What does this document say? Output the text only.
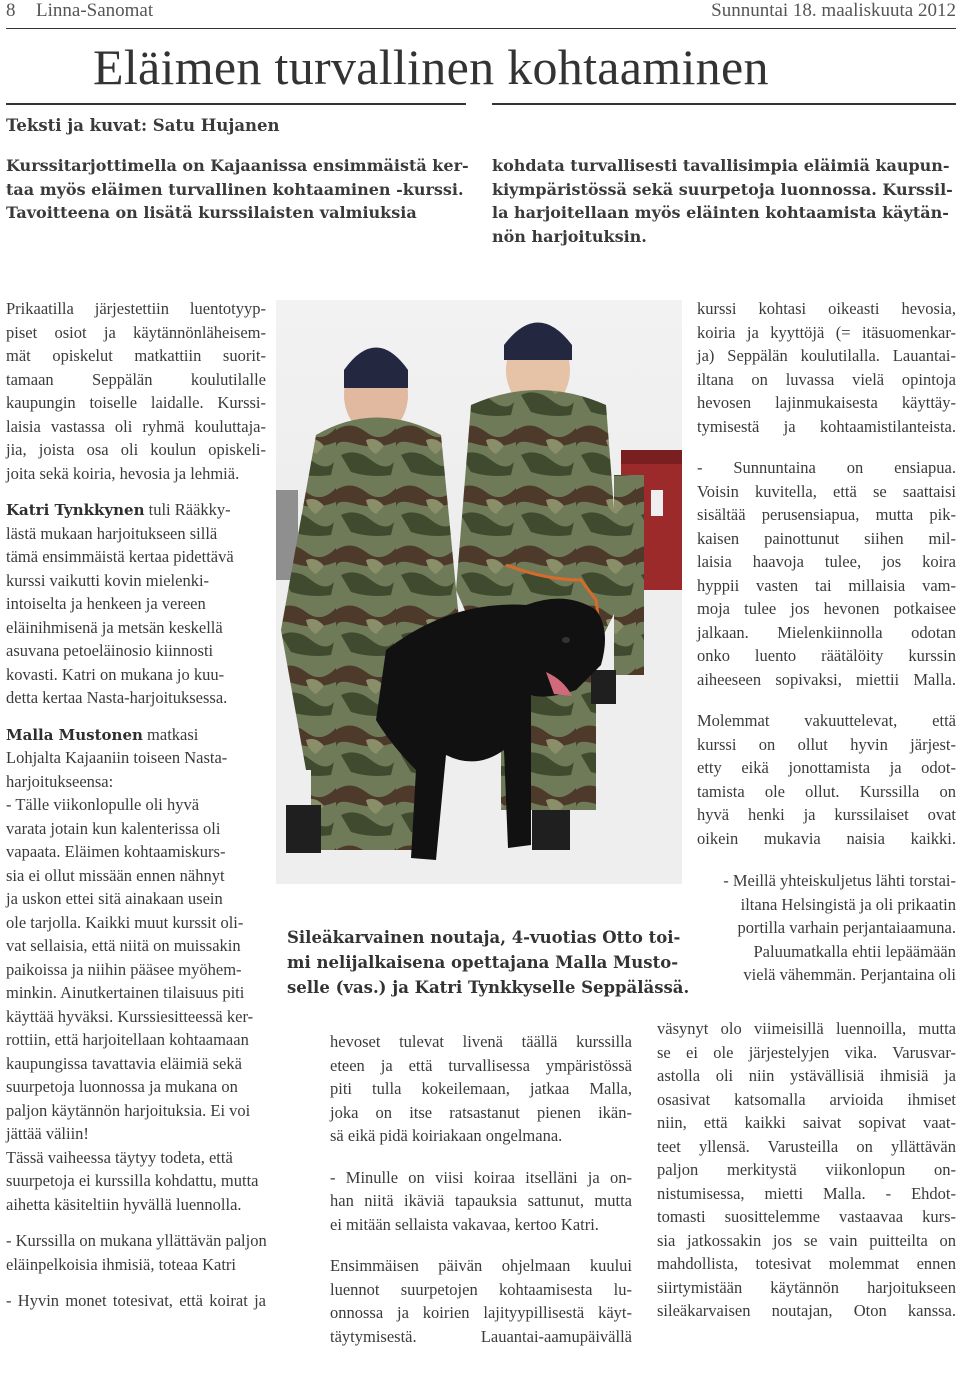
8 Linna-Sanomat	Sunnuntai 18. maaliskuuta 2012
Eläimen turvallinen kohtaaminen
Teksti ja kuvat: Satu Hujanen
Kurssitarjottimella on Kajaanissa ensimmäistä ker-
taa myös eläimen turvallinen kohtaaminen -kurssi.
Tavoitteena on lisätä kurssilaisten valmiuksia
kohdata turvallisesti tavallisimpia eläimiä kaupun-
kiympäristössä sekä suurpetoja luonnossa. Kurssil-
la harjoitellaan myös eläinten kohtaamista käytän-
nön harjoituksin.
Prikaatilla järjestettiin luentotyyp-
piset osiot ja käytännönläheisem-
mät opiskelut matkattiin suorit-
tamaan Seppälän koulutilalle
kaupungin toiselle laidalle. Kurssi-
laisia vastassa oli ryhmä kouluttaja-
jia, joista osa oli koulun opiskeli-
joita sekä koiria, hevosia ja lehmiä.
Katri Tynkkynen tuli Rääkky-
lästä mukaan harjoitukseen sillä
tämä ensimmäistä kertaa pidettävä
kurssi vaikutti kovin mielenki-
intoiselta ja henkeen ja vereen
eläinihmisenä ja metsän keskellä
asuvana petoeläinosio kiinnosti
kovasti. Katri on mukana jo kuu-
detta kertaa Nasta-harjoituksessa.
Malla Mustonen matkasi
Lohjalta Kajaaniin toiseen Nasta-
harjoitukseensa:
- Tälle viikonlopulle oli hyvä
varata jotain kun kalenterissa oli
vapaata. Eläimen kohtaamiskurs-
sia ei ollut missään ennen nähnyt
ja uskon ettei sitä ainakaan usein
ole tarjolla. Kaikki muut kurssit oli-
vat sellaisia, että niitä on muissakin
paikoissa ja niihin pääsee myöhem-
minkin. Ainutkertainen tilaisuus piti
käyttää hyväksi. Kurssiesitteessä ker-
rottiin, että harjoitellaan kohtaamaan
kaupungissa tavattavia eläimiä sekä
suurpetoja luonnossa ja mukana on
paljon käytännön harjoituksia. Ei voi
jättää väliin!
Tässä vaiheessa täytyy todeta, että
suurpetoja ei kurssilla kohdattu, mutta
aihetta käsiteltiin hyvällä luennolla.
- Kurssilla on mukana yllättävän paljon
eläinpelkoisia ihmisiä, toteaa Katri
- Hyvin monet totesivat, että koirat ja
Sileäkarvainen noutaja, 4-vuotias Otto toi-
mi nelijalkaisena opettajana Malla Musto-
selle (vas.) ja Katri Tynkkyselle Seppälässä.
hevoset tulevat livenä täällä kurssilla
eteen ja että turvallisessa ympäristössä
piti tulla kokeilemaan, jatkaa Malla,
joka on itse ratsastanut pienen ikän-
sä eikä pidä koiriakaan ongelmana.
- Minulle on viisi koiraa itselläni ja on-
han niitä ikäviä tapauksia sattunut, mutta
ei mitään sellaista vakavaa, kertoo Katri.
Ensimmäisen päivän ohjelmaan kuului
luennot suurpetojen kohtaamisesta lu-
onnossa ja koirien lajityypillisestä käyt-
täytymisestä. Lauantai-aamupäivällä
kurssi kohtasi oikeasti hevosia,
koiria ja kyyttöjä (= itäsuomenkar-
ja) Seppälän koulutilalla. Lauantai-
iltana on luvassa vielä opintoja
hevosen lajinmukaisesta käyttäy-
tymisestä ja kohtaamistilanteista.
- Sunnuntaina on ensiapua.
Voisin kuvitella, että se saattaisi
sisältää perusensiapua, mutta pik-
kaisen painottunut siihen mil-
laisia haavoja tulee, jos koira
hyppii vasten tai millaisia vam-
moja tulee jos hevonen potkaisee
jalkaan. Mielenkiinnolla odotan
onko luento räätälöity kurssin
aiheeseen sopivaksi, miettii Malla.
Molemmat vakuuttelevat, että
kurssi on ollut hyvin järjest-
etty eikä jonottamista ja odot-
tamista ole ollut. Kurssilla on
hyvä henki ja kurssilaiset ovat
oikein mukavia naisia kaikki.
- Meillä yhteiskuljetus lähti torstai-
iltana Helsingistä ja oli prikaatin
portilla varhain perjantaiaamuna.
Paluumatkalla ehtii lepäämään
vielä vähemmän. Perjantaina oli
väsynyt olo viimeisillä luennoilla, mutta
se ei ole järjestelyjen vika. Varusvar-
astolla oli niin ystävällisiä ihmisiä ja
osasivat katsomalla arvioida ihmiset
niin, että kaikki saivat sopivat vaat-
teet yllensä. Varusteilla on yllättävän
paljon merkitystä viikonlopun on-
nistumisessa, mietti Malla. - Ehdot-
tomasti suosittelemme vastaavaa kurs-
sia jatkossakin jos se vain puitteilta on
mahdollista, totesivat molemmat ennen
siirtymistään käytännön harjoitukseen
sileäkarvaisen noutajan, Oton kanssa.
